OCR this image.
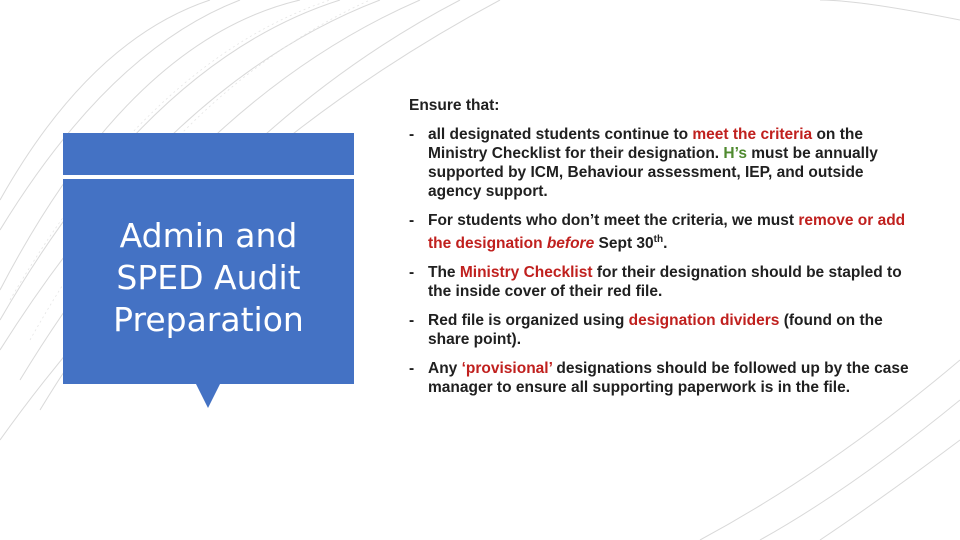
Admin and
SPED Audit
Preparation
Ensure that:
- all designated students continue to meet the criteria on the Ministry Checklist for their designation. H’s must be annually supported by ICM, Behaviour assessment, IEP, and outside agency support.
- For students who don’t meet the criteria, we must remove or add the designation before Sept 30th.
- The Ministry Checklist for their designation should be stapled to the inside cover of their red file.
- Red file is organized using designation dividers (found on the share point).
- Any ‘provisional’ designations should be followed up by the case manager to ensure all supporting paperwork is in the file.
